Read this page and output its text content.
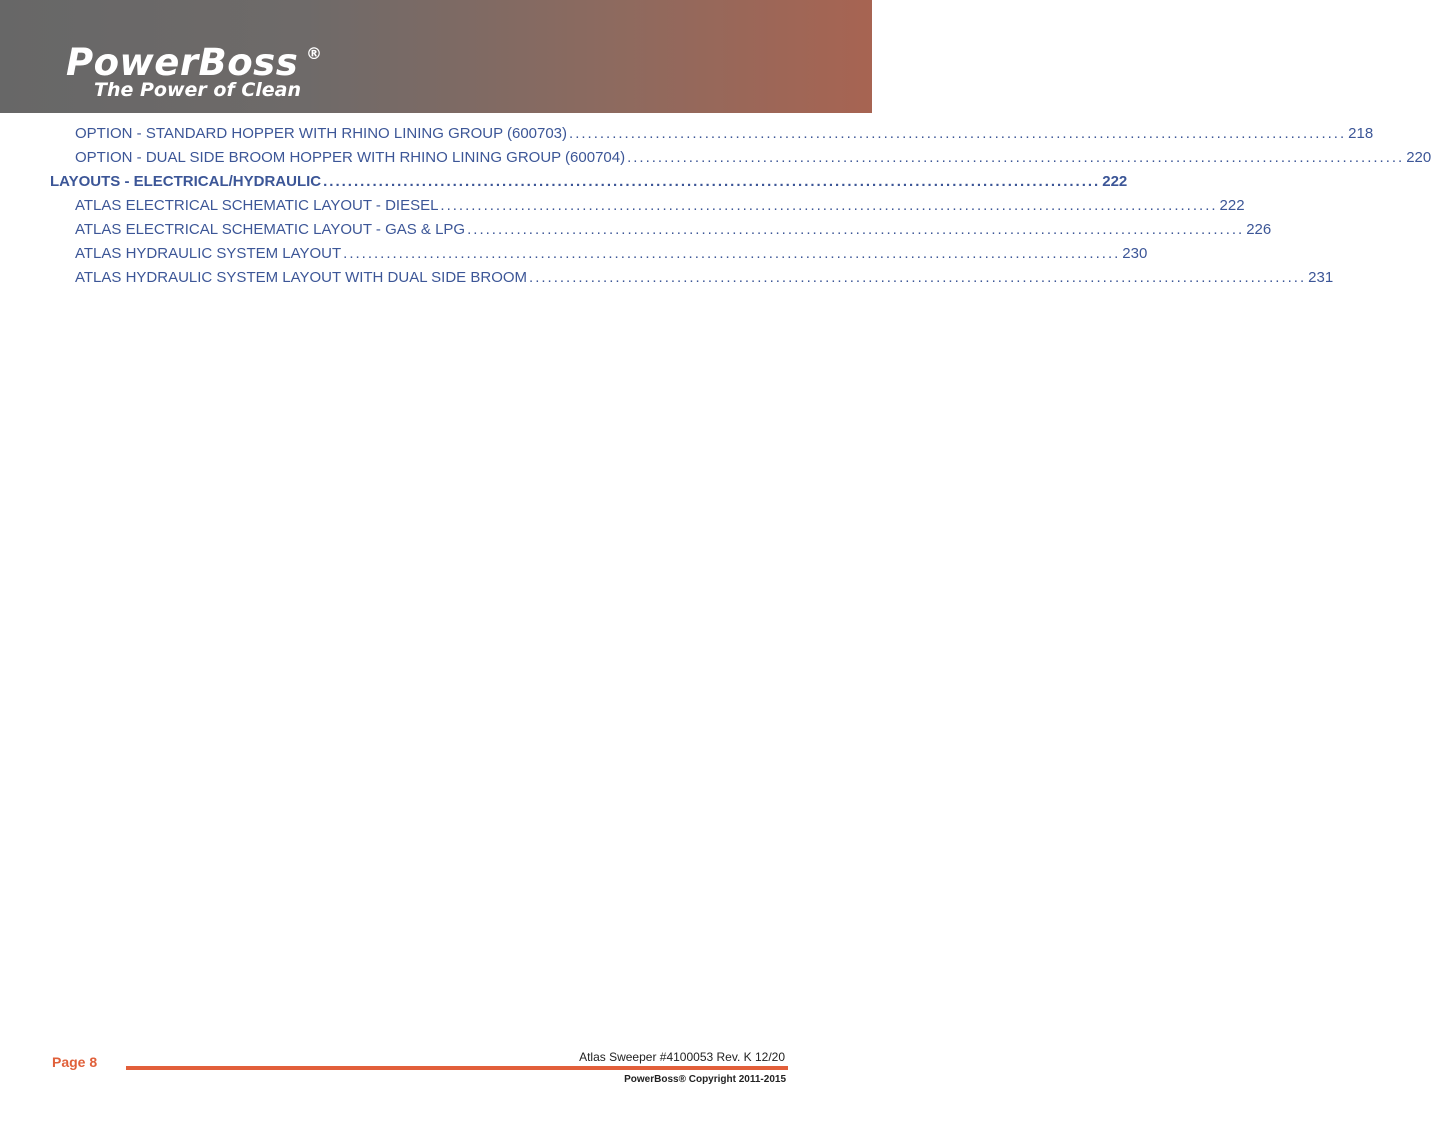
PowerBoss ®
The Power of Clean
OPTION - STANDARD HOPPER WITH RHINO LINING GROUP (600703) .............................................................................................................................. 218
OPTION - DUAL SIDE BROOM HOPPER WITH RHINO LINING GROUP (600704) .............................................................................................................................. 220
LAYOUTS - ELECTRICAL/HYDRAULIC .............................................................................................................................. 222
ATLAS ELECTRICAL SCHEMATIC LAYOUT - DIESEL .............................................................................................................................. 222
ATLAS ELECTRICAL SCHEMATIC LAYOUT - GAS & LPG .............................................................................................................................. 226
ATLAS HYDRAULIC SYSTEM LAYOUT .............................................................................................................................. 230
ATLAS HYDRAULIC SYSTEM LAYOUT WITH DUAL SIDE BROOM .............................................................................................................................. 231
Page 8	Atlas Sweeper #4100053 Rev. K 12/20
PowerBoss® Copyright 2011-2015
